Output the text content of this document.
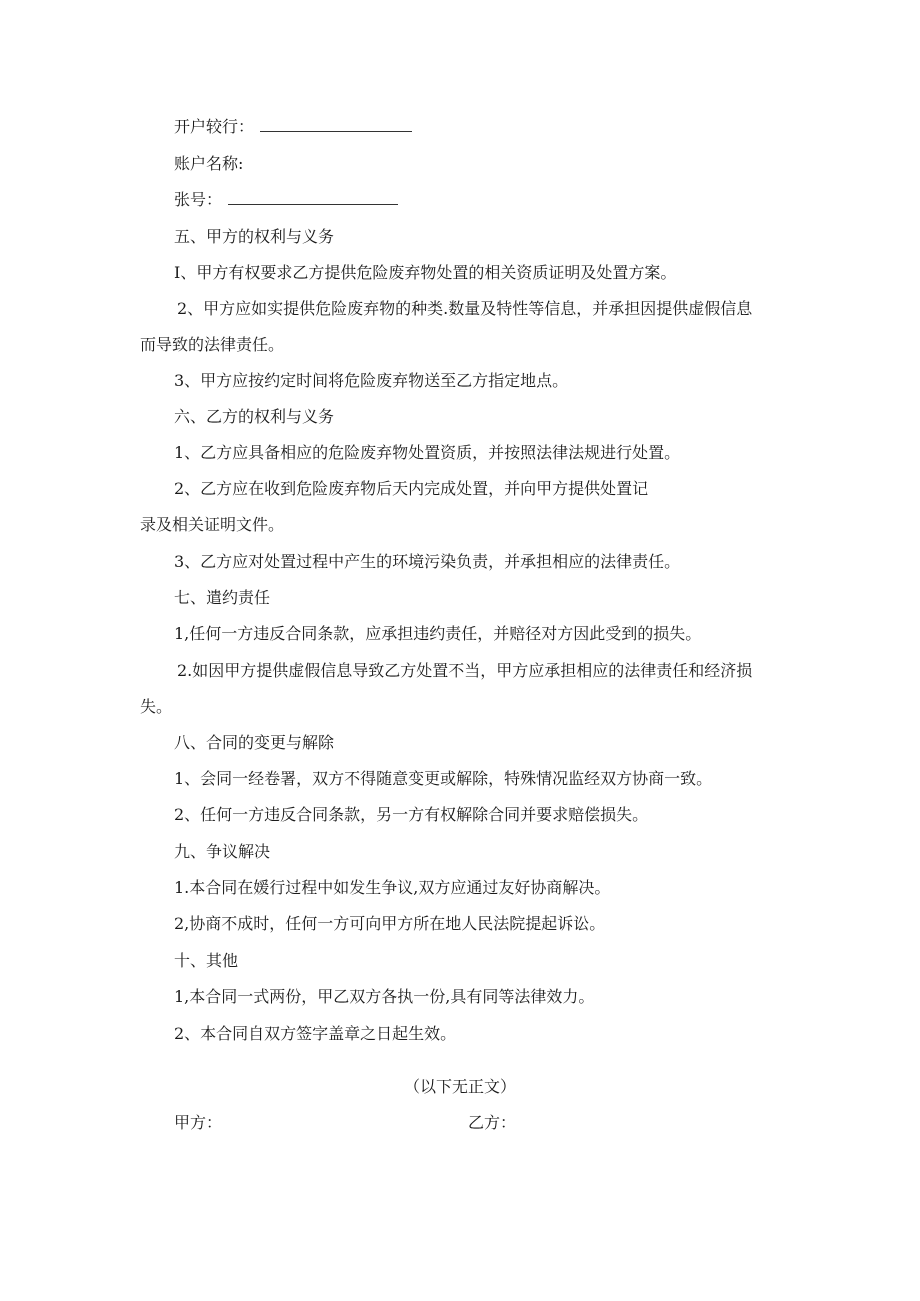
开户较行：
账户名称:
张号：
五、甲方的权利与义务
I、甲方有权要求乙方提供危险废弃物处置的相关资质证明及处置方案。
2、甲方应如实提供危险废弃物的种类.数量及特性等信息，并承担因提供虚假信息
而导致的法律责任。
3、甲方应按约定时间将危险废弃物送至乙方指定地点。
六、乙方的权利与义务
1、乙方应具备相应的危险废弃物处置资质，并按照法律法规进行处置。
2、乙方应在收到危险废弃物后天内完成处置，并向甲方提供处置记
录及相关证明文件。
3、乙方应对处置过程中产生的环境污染负责，并承担相应的法律责任。
七、遣约责任
1,任何一方违反合同条款，应承担违约责任，并赔径对方因此受到的损失。
2.如因甲方提供虚假信息导致乙方处置不当，甲方应承担相应的法律责任和经济损
失。
八、合同的变更与解除
1、会同一经卷署，双方不得随意变更或解除，特殊情况监经双方协商一致。
2、任何一方违反合同条款，另一方有权解除合同并要求赔偿损失。
九、争议解决
1.本合同在媛行过程中如发生争议,双方应通过友好协商解决。
2,协商不成时，任何一方可向甲方所在地人民法院提起诉讼。
十、其他
1,本合同一式两份，甲乙双方各执一份,具有同等法律效力。
2、本合同自双方签字盖章之日起生效。
（以下无正文）
甲方：	乙方：
